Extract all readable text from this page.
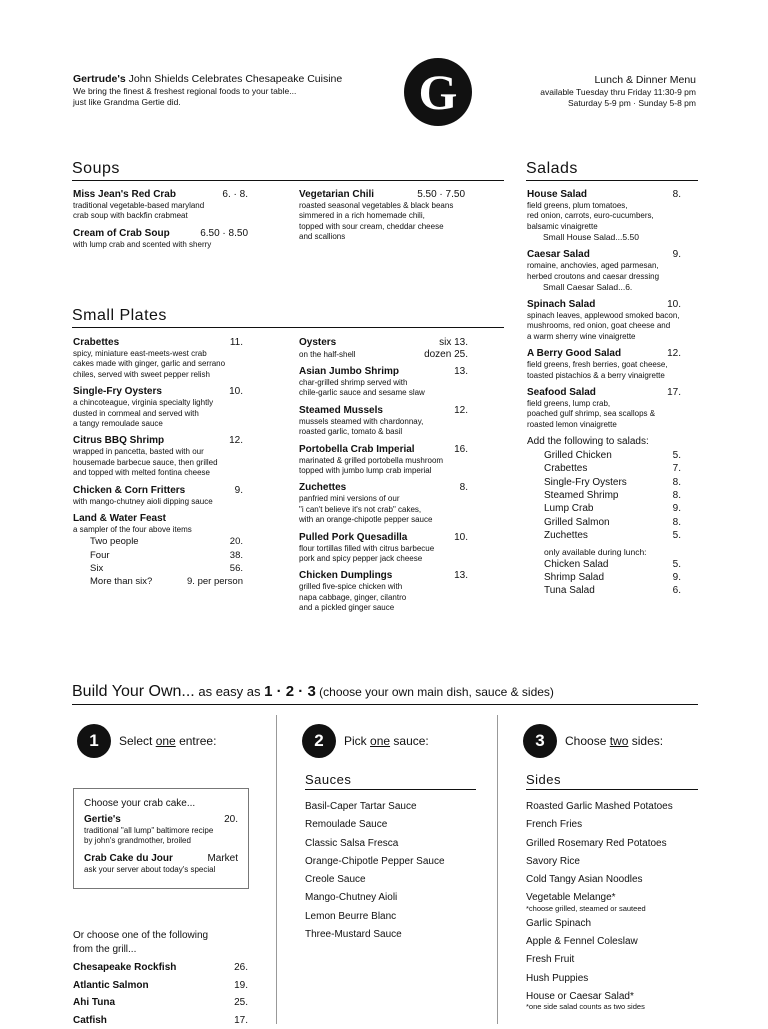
Gertrude's John Shields Celebrates Chesapeake Cuisine
We bring the finest & freshest regional foods to your table...
just like Grandma Gertie did.	G	Lunch & Dinner Menu
available Tuesday thru Friday 11:30-9 pm
Saturday 5-9 pm · Sunday 5-8 pm
Soups
Miss Jean's Red Crab	6. · 8.
traditional vegetable-based maryland
crab soup with backfin crabmeat
Cream of Crab Soup	6.50 · 8.50
with lump crab and scented with sherry
Vegetarian Chili	5.50 · 7.50
roasted seasonal vegetables & black beans
simmered in a rich homemade chili,
topped with sour cream, cheddar cheese
and scallions
Small Plates
Crabettes	11.
spicy, miniature east-meets-west crab
cakes made with ginger, garlic and serrano
chiles, served with sweet pepper relish
Single-Fry Oysters	10.
a chincoteague, virginia specialty lightly
dusted in cornmeal and served with
a tangy remoulade sauce
Citrus BBQ Shrimp	12.
wrapped in pancetta, basted with our
housemade barbecue sauce, then grilled
and topped with melted fontina cheese
Chicken & Corn Fritters	9.
with mango-chutney aioli dipping sauce
Land & Water Feast
a sampler of the four above items
Two people	20.
Four	38.
Six	56.
More than six?	9. per person
Oysters	six 13.
on the half-shell	dozen 25.
Asian Jumbo Shrimp	13.
char-grilled shrimp served with
chile-garlic sauce and sesame slaw
Steamed Mussels	12.
mussels steamed with chardonnay,
roasted garlic, tomato & basil
Portobella Crab Imperial	16.
marinated & grilled portobella mushroom
topped with jumbo lump crab imperial
Zuchettes	8.
panfried mini versions of our
"i can't believe it's not crab" cakes,
with an orange-chipotle pepper sauce
Pulled Pork Quesadilla	10.
flour tortillas filled with citrus barbecue
pork and spicy pepper jack cheese
Chicken Dumplings	13.
grilled five-spice chicken with
napa cabbage, ginger, cilantro
and a pickled ginger sauce
Salads
House Salad	8.
field greens, plum tomatoes,
red onion, carrots, euro-cucumbers,
balsamic vinaigrette
Small House Salad...5.50
Caesar Salad	9.
romaine, anchovies, aged parmesan,
herbed croutons and caesar dressing
Small Caesar Salad...6.
Spinach Salad	10.
spinach leaves, applewood smoked bacon,
mushrooms, red onion, goat cheese and
a warm sherry wine vinaigrette
A Berry Good Salad	12.
field greens, fresh berries, goat cheese,
toasted pistachios & a berry vinaigrette
Seafood Salad	17.
field greens, lump crab,
poached gulf shrimp, sea scallops &
roasted lemon vinaigrette
Add the following to salads:
Grilled Chicken	5.
Crabettes	7.
Single-Fry Oysters	8.
Steamed Shrimp	8.
Lump Crab	9.
Grilled Salmon	8.
Zuchettes	5.
only available during lunch:
Chicken Salad	5.
Shrimp Salad	9.
Tuna Salad	6.
Build Your Own... as easy as 1 · 2 · 3 (choose your own main dish, sauce & sides)
1	Select
one
entree:
Choose your crab cake...
Gertie's	20.
traditional "all lump" baltimore recipe
by john's grandmother, broiled
Crab Cake du Jour	Market
ask your server about today's special
Or choose one of the following
from the grill...
Chesapeake Rockfish	26.
Atlantic Salmon	19.
Ahi Tuna	25.
Catfish	17.
2	Pick
one
sauce:
Sauces
Basil-Caper Tartar Sauce
Remoulade Sauce
Classic Salsa Fresca
Orange-Chipotle Pepper Sauce
Creole Sauce
Mango-Chutney Aioli
Lemon Beurre Blanc
Three-Mustard Sauce
3	Choose
two
sides:
Sides
Roasted Garlic Mashed Potatoes
French Fries
Grilled Rosemary Red Potatoes
Savory Rice
Cold Tangy Asian Noodles
Vegetable Melange*
*choose grilled, steamed or sauteed
Garlic Spinach
Apple & Fennel Coleslaw
Fresh Fruit
Hush Puppies
House or Caesar Salad*
*one side salad counts as two sides
